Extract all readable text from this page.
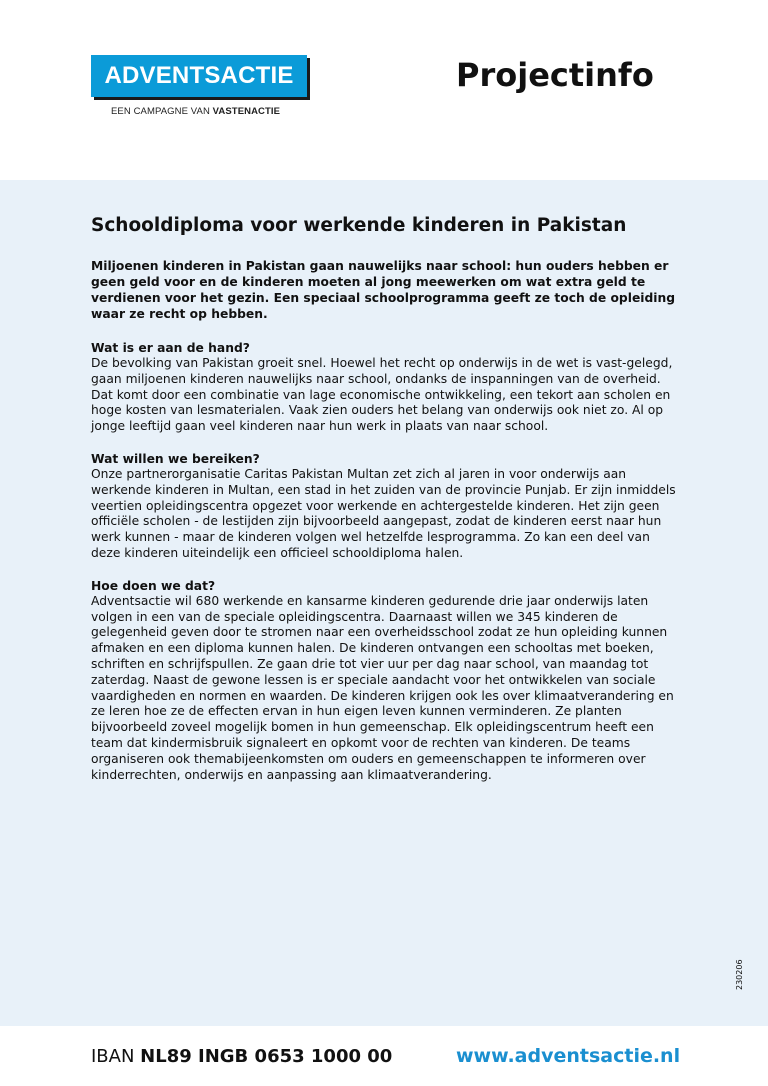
ADVENTSACTIE
EEN CAMPAGNE VAN VASTENACTIE
Projectinfo
Schooldiploma voor werkende kinderen in Pakistan

Miljoenen kinderen in Pakistan gaan nauwelijks naar school: hun ouders hebben er geen geld voor en de kinderen moeten al jong meewerken om wat extra geld te verdienen voor het gezin. Een speciaal schoolprogramma geeft ze toch de opleiding waar ze recht op hebben.

Wat is er aan de hand?

De bevolking van Pakistan groeit snel. Hoewel het recht op onderwijs in de wet is vast-gelegd, gaan miljoenen kinderen nauwelijks naar school, ondanks de inspanningen van de overheid. Dat komt door een combinatie van lage economische ontwikkeling, een tekort aan scholen en hoge kosten van lesmaterialen. Vaak zien ouders het belang van onderwijs ook niet zo. Al op jonge leeftijd gaan veel kinderen naar hun werk in plaats van naar school.

Wat willen we bereiken?

Onze partnerorganisatie Caritas Pakistan Multan zet zich al jaren in voor onderwijs aan werkende kinderen in Multan, een stad in het zuiden van de provincie Punjab. Er zijn inmiddels veertien opleidingscentra opgezet voor werkende en achtergestelde kinderen. Het zijn geen officiële scholen - de lestijden zijn bijvoorbeeld aangepast, zodat de kinderen eerst naar hun werk kunnen - maar de kinderen volgen wel hetzelfde lesprogramma. Zo kan een deel van deze kinderen uiteindelijk een officieel schooldiploma halen.

Hoe doen we dat?

Adventsactie wil 680 werkende en kansarme kinderen gedurende drie jaar onderwijs laten volgen in een van de speciale opleidingscentra. Daarnaast willen we 345 kinderen de gelegenheid geven door te stromen naar een overheidsschool zodat ze hun opleiding kunnen afmaken en een diploma kunnen halen. De kinderen ontvangen een schooltas met boeken, schriften en schrijfspullen. Ze gaan drie tot vier uur per dag naar school, van maandag tot zaterdag. Naast de gewone lessen is er speciale aandacht voor het ontwikkelen van sociale vaardigheden en normen en waarden. De kinderen krijgen ook les over klimaatverandering en ze leren hoe ze de effecten ervan in hun eigen leven kunnen verminderen. Ze planten bijvoorbeeld zoveel mogelijk bomen in hun gemeenschap. Elk opleidingscentrum heeft een team dat kindermisbruik signaleert en opkomt voor de rechten van kinderen. De teams organiseren ook themabijeenkomsten om ouders en gemeenschappen te informeren over kinderrechten, onderwijs en aanpassing aan klimaatverandering.

230206
IBAN NL89 INGB 0653 1000 00	www.adventsactie.nl
